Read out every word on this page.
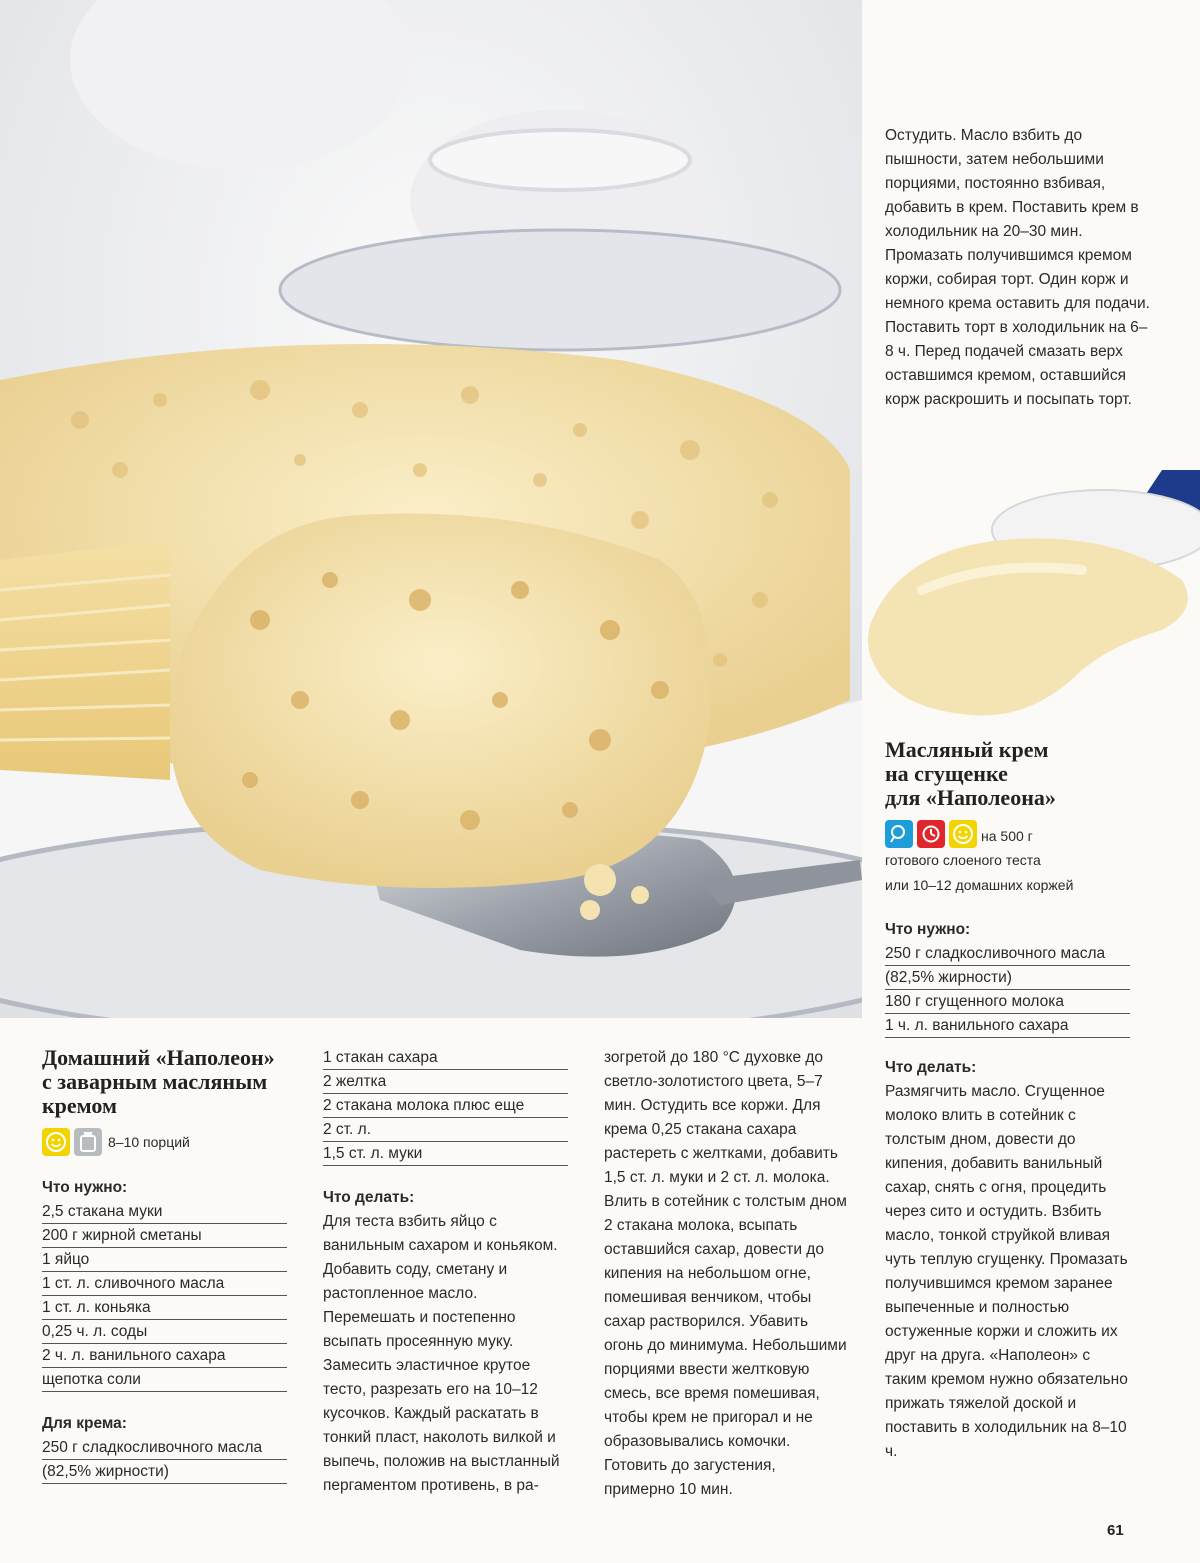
Остудить. Масло взбить до пышности, затем небольшими порциями, постоянно взбивая, добавить в крем. Поставить крем в холодильник на 20–30 мин. Промазать получившимся кремом коржи, собирая торт. Один корж и немного крема оставить для подачи. Поставить торт в холодильник на 6–8 ч. Перед подачей смазать верх оставшимся кремом, оставшийся корж раскрошить и посыпать торт.

Масляный крем
на сгущенке
для «Наполеона»
на 500 г

готового слоеного теста

или 10–12 домашних коржей

Что нужно:

250 г сладкосливочного масла
(82,5% жирности)
180 г сгущенного молока
1 ч. л. ванильного сахара

Что делать:

Размягчить масло. Сгущенное молоко влить в сотейник с толстым дном, довести до кипения, добавить ванильный сахар, снять с огня, процедить через сито и остудить. Взбить масло, тонкой струйкой вливая чуть теплую сгущенку. Промазать получившимся кремом заранее выпеченные и полностью остуженные коржи и сложить их друг на друга. «Наполеон» с таким кремом нужно обязательно прижать тяжелой доской и поставить в холодильник на 8–10 ч.

Домашний «Наполеон»
с заварным масляным
кремом
8–10 порций

Что нужно:

2,5 стакана муки
200 г жирной сметаны
1 яйцо
1 ст. л. сливочного масла
1 ст. л. коньяка
0,25 ч. л. соды
2 ч. л. ванильного сахара
щепотка соли

Для крема:

250 г сладкосливочного масла
(82,5% жирности)
1 стакан сахара
2 желтка
2 стакана молока плюс еще
2 ст. л.
1,5 ст. л. муки

Что делать:

Для теста взбить яйцо с ванильным сахаром и коньяком. Добавить соду, сметану и растопленное масло. Перемешать и постепенно всыпать просеянную муку. Замесить эластичное крутое тесто, разрезать его на 10–12 кусочков. Каждый раскатать в тонкий пласт, наколоть вилкой и выпечь, положив на выстланный пергаментом противень, в ра-

зогретой до 180 °С духовке до светло-золотистого цвета, 5–7 мин. Остудить все коржи. Для крема 0,25 стакана сахара растереть с желтками, добавить 1,5 ст. л. муки и 2 ст. л. молока. Влить в сотейник с толстым дном 2 стакана молока, всыпать оставшийся сахар, довести до кипения на небольшом огне, помешивая венчиком, чтобы сахар растворился. Убавить огонь до минимума. Небольшими порциями ввести желтковую смесь, все время помешивая, чтобы крем не пригорал и не образовывались комочки. Готовить до загустения, примерно 10 мин.

61
